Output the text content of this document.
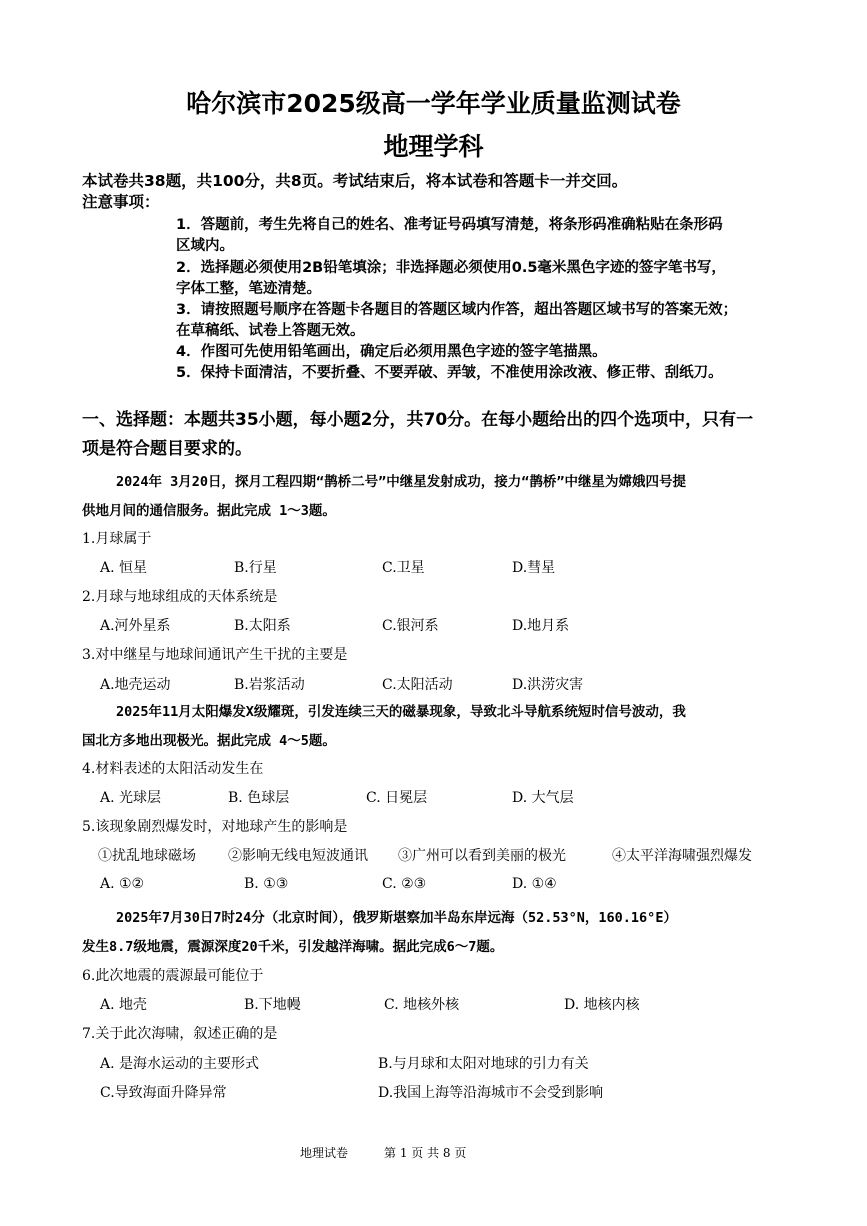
哈尔滨市2025级高一学年学业质量监测试卷
地理学科
本试卷共38题，共100分，共8页。考试结束后，将本试卷和答题卡一并交回。
注意事项：
1．答题前，考生先将自己的姓名、准考证号码填写清楚，将条形码准确粘贴在条形码
区域内。
2．选择题必须使用2B铅笔填涂；非选择题必须使用0.5毫米黑色字迹的签字笔书写，
字体工整，笔迹清楚。
3．请按照题号顺序在答题卡各题目的答题区域内作答，超出答题区域书写的答案无效；
在草稿纸、试卷上答题无效。
4．作图可先使用铅笔画出，确定后必须用黑色字迹的签字笔描黑。
5．保持卡面清洁，不要折叠、不要弄破、弄皱，不准使用涂改液、修正带、刮纸刀。
一、选择题：本题共35小题，每小题2分，共70分。在每小题给出的四个选项中，只有一
项是符合题目要求的。
2024年 3月20日，探月工程四期“鹊桥二号”中继星发射成功，接力“鹊桥”中继星为嫦娥四号提
供地月间的通信服务。据此完成 1～3题。
1.月球属于
A. 恒星	B.行星	C.卫星	D.彗星
2.月球与地球组成的天体系统是
A.河外星系	B.太阳系	C.银河系	D.地月系
3.对中继星与地球间通讯产生干扰的主要是
A.地壳运动	B.岩浆活动	C.太阳活动	D.洪涝灾害
2025年11月太阳爆发X级耀斑，引发连续三天的磁暴现象，导致北斗导航系统短时信号波动，我
国北方多地出现极光。据此完成 4～5题。
4.材料表述的太阳活动发生在
A. 光球层	B. 色球层	C. 日冕层	D. 大气层
5.该现象剧烈爆发时，对地球产生的影响是
①扰乱地球磁场 ②影响无线电短波通讯 ③广州可以看到美丽的极光	④太平洋海啸强烈爆发
A. ①②	B. ①③	C. ②③	D. ①④
2025年7月30日7时24分（北京时间），俄罗斯堪察加半岛东岸远海（52.53°N，160.16°E）
发生8.7级地震，震源深度20千米，引发越洋海啸。据此完成6～7题。
6.此次地震的震源最可能位于
A. 地壳	B.下地幔	C. 地核外核	D. 地核内核
7.关于此次海啸，叙述正确的是
A. 是海水运动的主要形式	B.与月球和太阳对地球的引力有关
C.导致海面升降异常	D.我国上海等沿海城市不会受到影响
地理试卷	第 1 页 共 8 页
